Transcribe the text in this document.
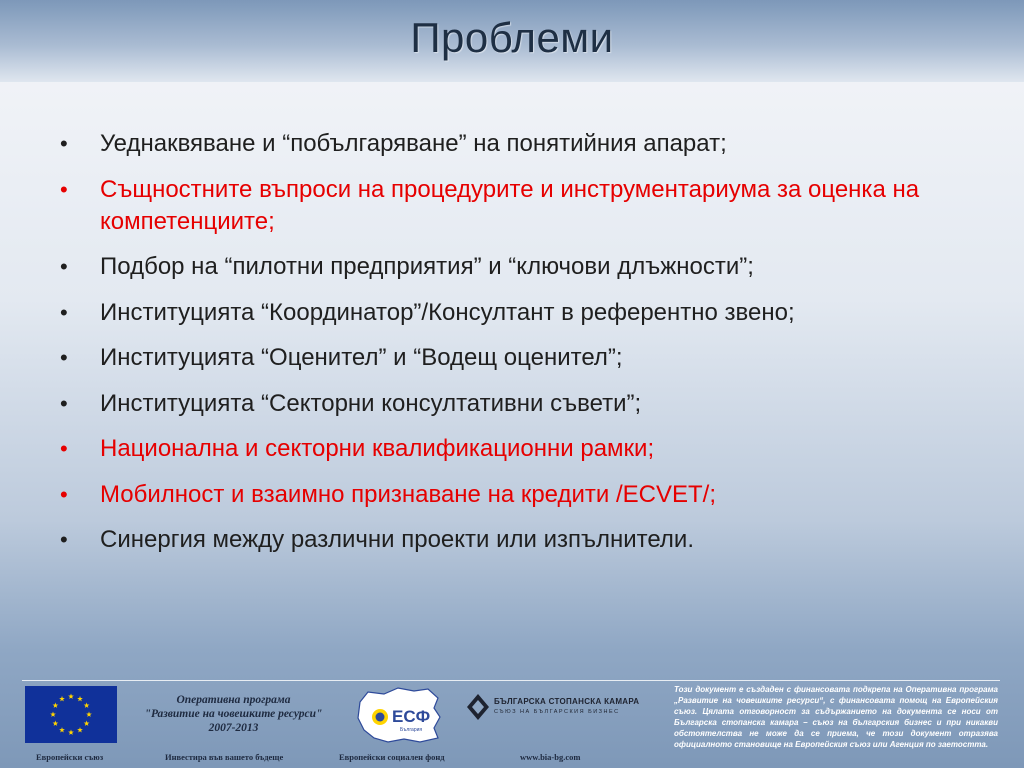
Проблеми
• Уеднаквяване и “побългаряване” на понятийния апарат;
• Същностните въпроси на процедурите и инструментариума за оценка на компетенциите;
• Подбор на “пилотни предприятия” и “ключови длъжности”;
• Институцията “Координатор”/Консултант в референтно звено;
• Институцията “Оценител” и “Водещ оценител”;
• Институцията “Секторни консултативни съвети”;
• Национална и секторни квалификационни рамки;
• Мобилност и взаимно признаване на кредити /ECVET/;
• Синергия между различни проекти или изпълнители.
Европейски съюз
Оперативна програма
"Развитие на човешките ресурси"
2007-2013
Инвестира във вашето бъдеще
ЕСФ
България
Европейски социален фонд
БЪЛГАРСКА СТОПАНСКА КАМАРА
СЪЮЗ НА БЪЛГАРСКИЯ БИЗНЕС
www.bia-bg.com
Този документ е създаден с финансовата подкрепа на Оперативна програма „Развитие на човешките ресурси“, с финансовата помощ на Европейския съюз. Цялата отговорност за съдържанието на документа се носи от Българска стопанска камара – съюз на българския бизнес и при никакви обстоятелства не може да се приема, че този документ отразява официалното становище на Европейския съюз или Агенция по заетостта.
